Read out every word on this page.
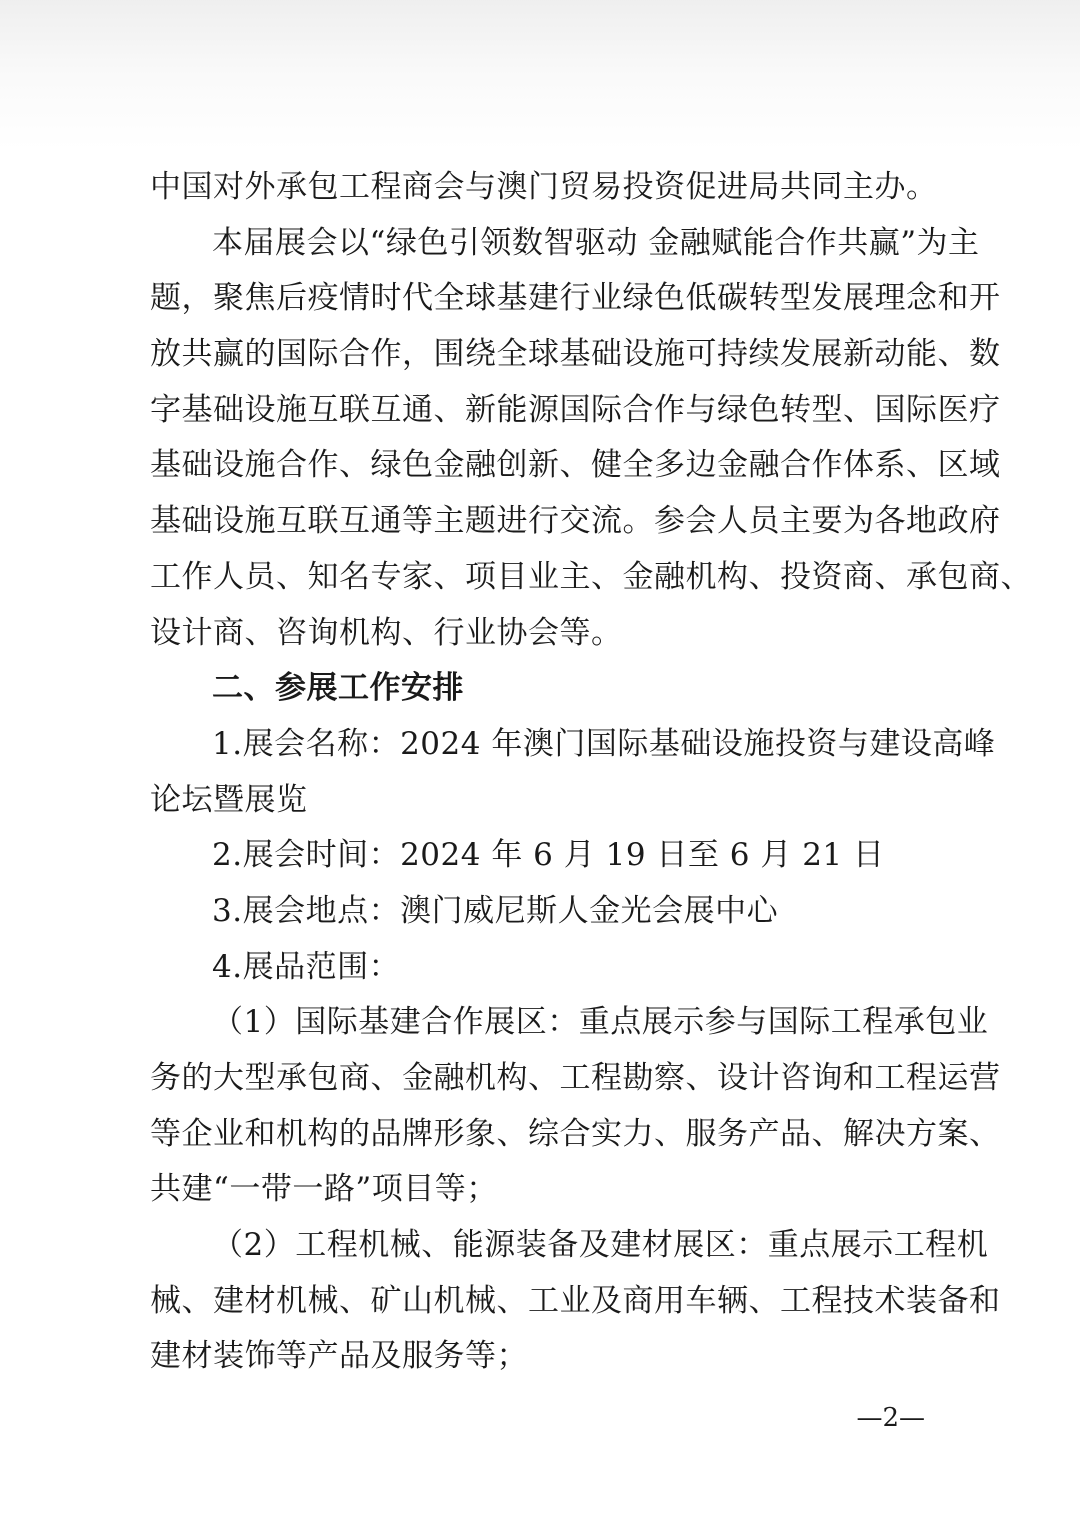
中国对外承包工程商会与澳门贸易投资促进局共同主办。
本届展会以“绿色引领数智驱动 金融赋能合作共赢”为主
题，聚焦后疫情时代全球基建行业绿色低碳转型发展理念和开
放共赢的国际合作，围绕全球基础设施可持续发展新动能、数
字基础设施互联互通、新能源国际合作与绿色转型、国际医疗
基础设施合作、绿色金融创新、健全多边金融合作体系、区域
基础设施互联互通等主题进行交流。参会人员主要为各地政府
工作人员、知名专家、项目业主、金融机构、投资商、承包商、
设计商、咨询机构、行业协会等。
二、参展工作安排
1.展会名称：2024 年澳门国际基础设施投资与建设高峰
论坛暨展览
2.展会时间：2024 年 6 月 19 日至 6 月 21 日
3.展会地点：澳门威尼斯人金光会展中心
4.展品范围：
（1）国际基建合作展区：重点展示参与国际工程承包业
务的大型承包商、金融机构、工程勘察、设计咨询和工程运营
等企业和机构的品牌形象、综合实力、服务产品、解决方案、
共建“一带一路”项目等；
（2）工程机械、能源装备及建材展区：重点展示工程机
械、建材机械、矿山机械、工业及商用车辆、工程技术装备和
建材装饰等产品及服务等；
—2—
